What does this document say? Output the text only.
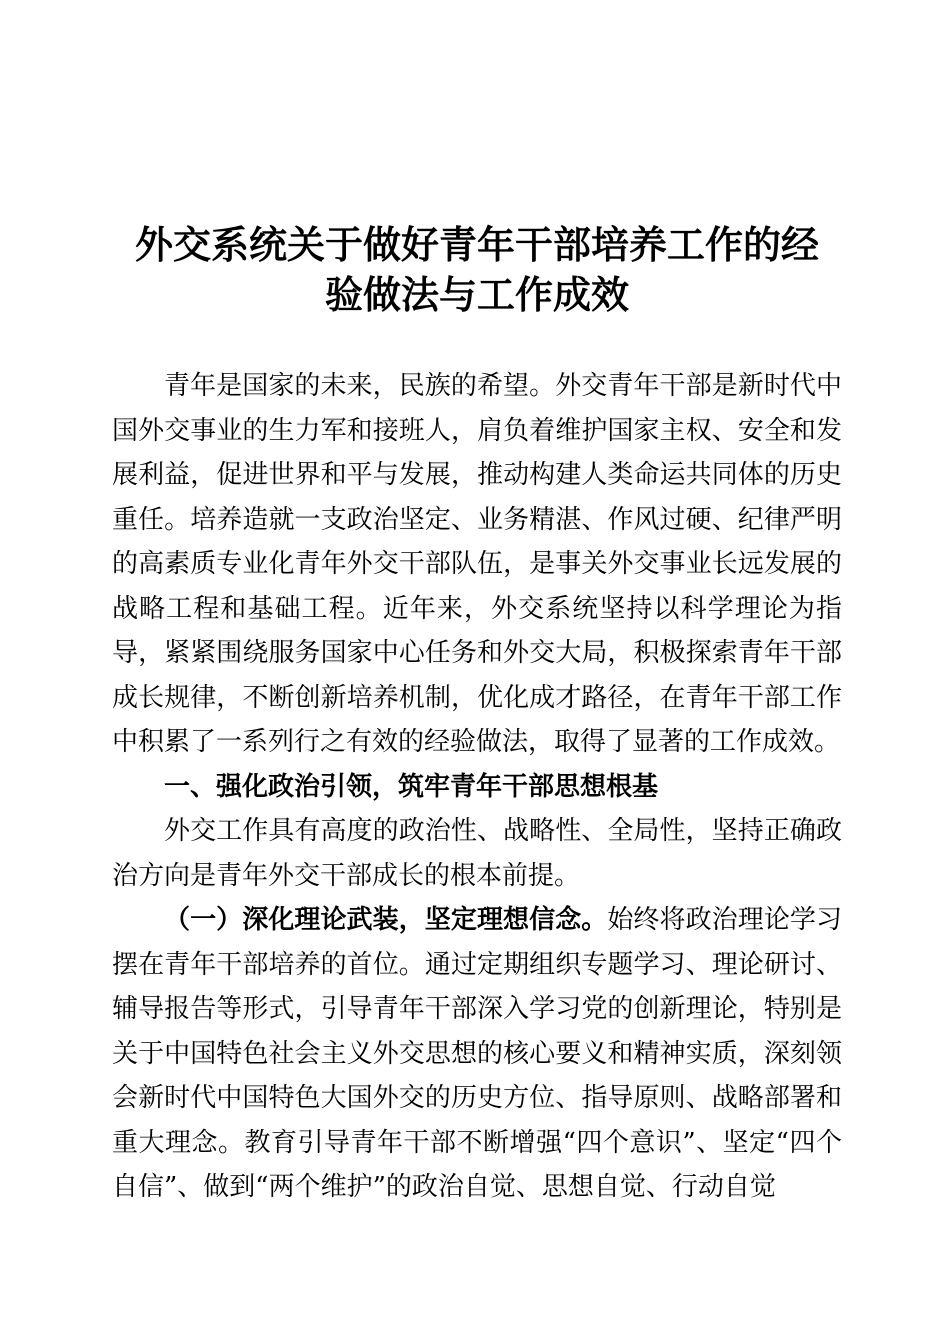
外交系统关于做好青年干部培养工作的经验做法与工作成效

青年是国家的未来，民族的希望。外交青年干部是新时代中国外交事业的生力军和接班人，肩负着维护国家主权、安全和发展利益，促进世界和平与发展，推动构建人类命运共同体的历史重任。培养造就一支政治坚定、业务精湛、作风过硬、纪律严明的高素质专业化青年外交干部队伍，是事关外交事业长远发展的战略工程和基础工程。近年来，外交系统坚持以科学理论为指导，紧紧围绕服务国家中心任务和外交大局，积极探索青年干部成长规律，不断创新培养机制，优化成才路径，在青年干部工作中积累了一系列行之有效的经验做法，取得了显著的工作成效。

一、强化政治引领，筑牢青年干部思想根基

外交工作具有高度的政治性、战略性、全局性，坚持正确政治方向是青年外交干部成长的根本前提。

（一）深化理论武装，坚定理想信念。始终将政治理论学习摆在青年干部培养的首位。通过定期组织专题学习、理论研讨、辅导报告等形式，引导青年干部深入学习党的创新理论，特别是关于中国特色社会主义外交思想的核心要义和精神实质，深刻领会新时代中国特色大国外交的历史方位、指导原则、战略部署和重大理念。教育引导青年干部不断增强“四个意识”、坚定“四个自信”、做到“两个维护”的政治自觉、思想自觉、行动自觉
